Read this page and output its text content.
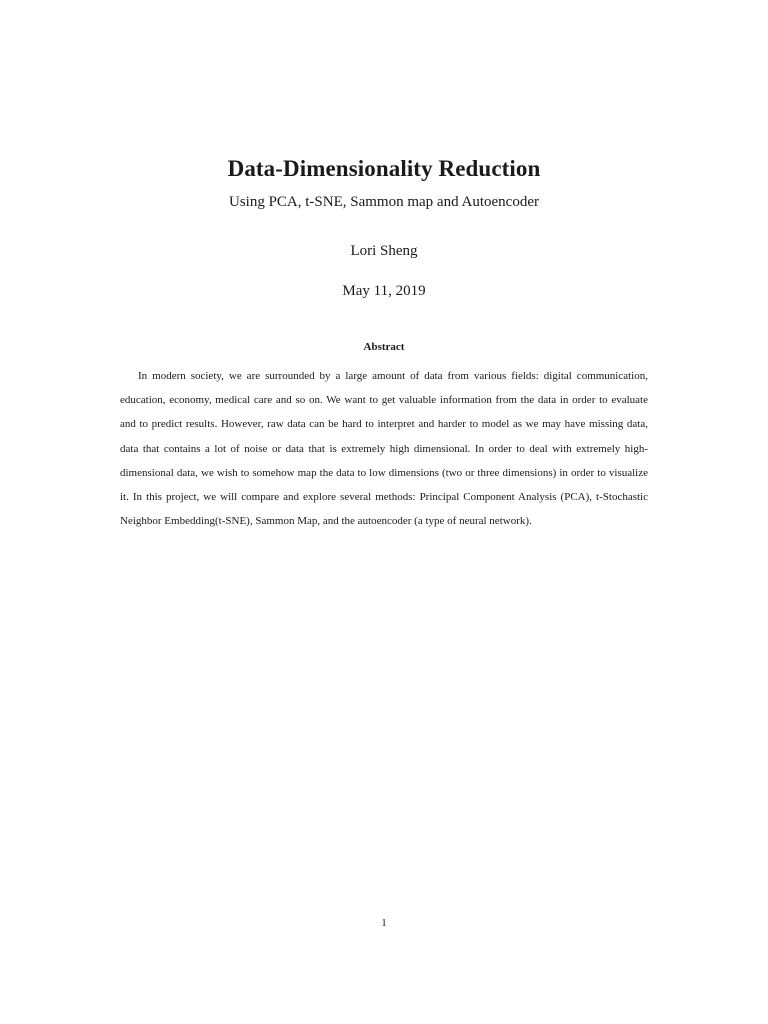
Data-Dimensionality Reduction
Using PCA, t-SNE, Sammon map and Autoencoder
Lori Sheng
May 11, 2019
Abstract

In modern society, we are surrounded by a large amount of data from various fields: digital communication, education, economy, medical care and so on. We want to get valuable information from the data in order to evaluate and to predict results. However, raw data can be hard to interpret and harder to model as we may have missing data, data that contains a lot of noise or data that is extremely high dimensional. In order to deal with extremely high-dimensional data, we wish to somehow map the data to low dimensions (two or three dimensions) in order to visualize it. In this project, we will compare and explore several methods: Principal Component Analysis (PCA), t-Stochastic Neighbor Embedding(t-SNE), Sammon Map, and the autoencoder (a type of neural network).

1
